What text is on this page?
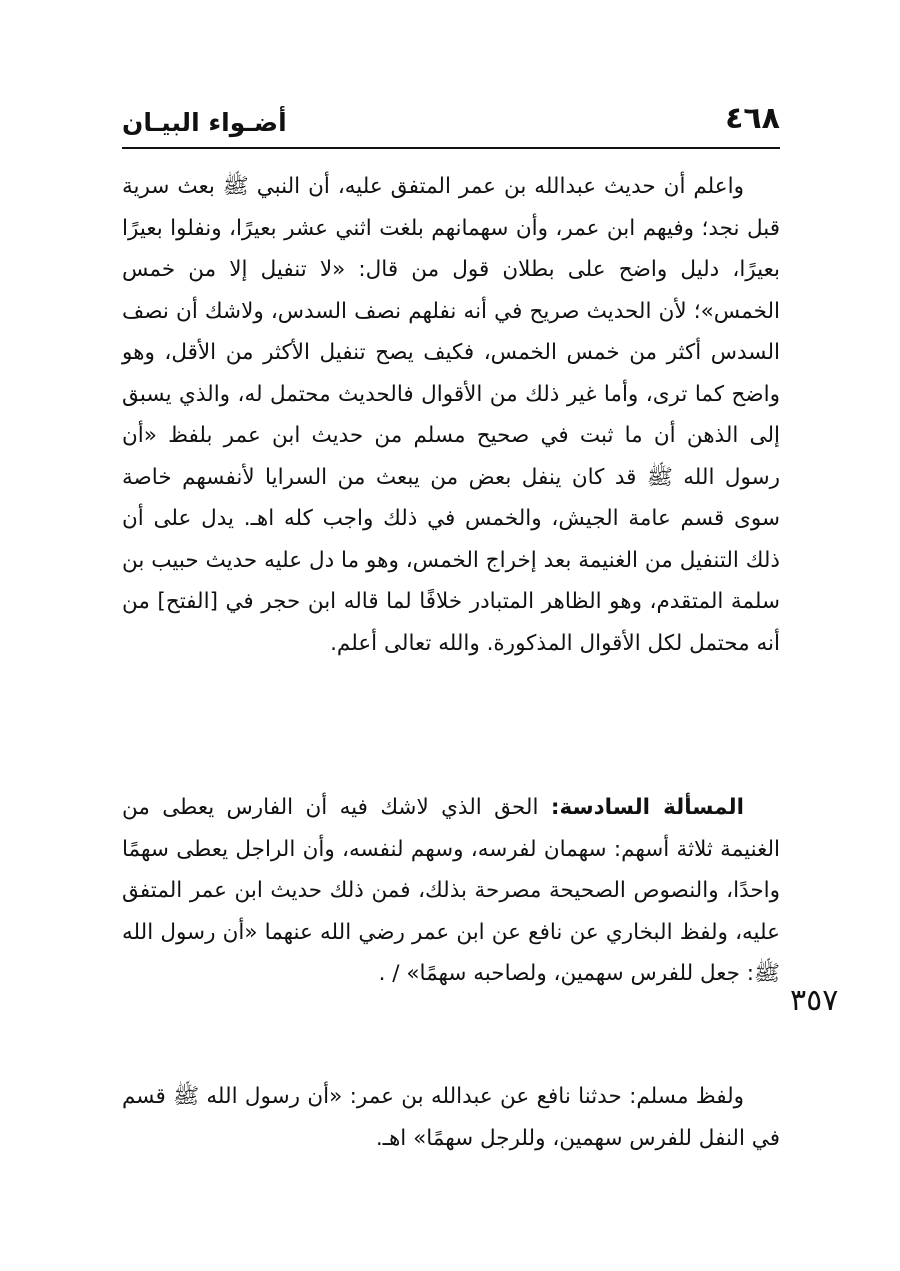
٤٦٨
أضـواء البيـان

واعلم أن حديث عبدالله بن عمر المتفق عليه، أن النبي ﷺ بعث سرية قبل نجد؛ وفيهم ابن عمر، وأن سهمانهم بلغت اثني عشر بعيرًا، ونفلوا بعيرًا بعيرًا، دليل واضح على بطلان قول من قال: «لا تنفيل إلا من خمس الخمس»؛ لأن الحديث صريح في أنه نفلهم نصف السدس، ولاشك أن نصف السدس أكثر من خمس الخمس، فكيف يصح تنفيل الأكثر من الأقل، وهو واضح كما ترى، وأما غير ذلك من الأقوال فالحديث محتمل له، والذي يسبق إلى الذهن أن ما ثبت في صحيح مسلم من حديث ابن عمر بلفظ «أن رسول الله ﷺ قد كان ينفل بعض من يبعث من السرايا لأنفسهم خاصة سوى قسم عامة الجيش، والخمس في ذلك واجب كله اهـ. يدل على أن ذلك التنفيل من الغنيمة بعد إخراج الخمس، وهو ما دل عليه حديث حبيب بن سلمة المتقدم، وهو الظاهر المتبادر خلافًا لما قاله ابن حجر في [الفتح] من أنه محتمل لكل الأقوال المذكورة. والله تعالى أعلم.

المسألة السادسة: الحق الذي لاشك فيه أن الفارس يعطى من الغنيمة ثلاثة أسهم: سهمان لفرسه، وسهم لنفسه، وأن الراجل يعطى سهمًا واحدًا، والنصوص الصحيحة مصرحة بذلك، فمن ذلك حديث ابن عمر المتفق عليه، ولفظ البخاري عن نافع عن ابن عمر رضي الله عنهما «أن رسول الله ﷺ: جعل للفرس سهمين، ولصاحبه سهمًا» / .

٣٥٧

ولفظ مسلم: حدثنا نافع عن عبدالله بن عمر: «أن رسول الله ﷺ قسم في النفل للفرس سهمين، وللرجل سهمًا» اهـ.
